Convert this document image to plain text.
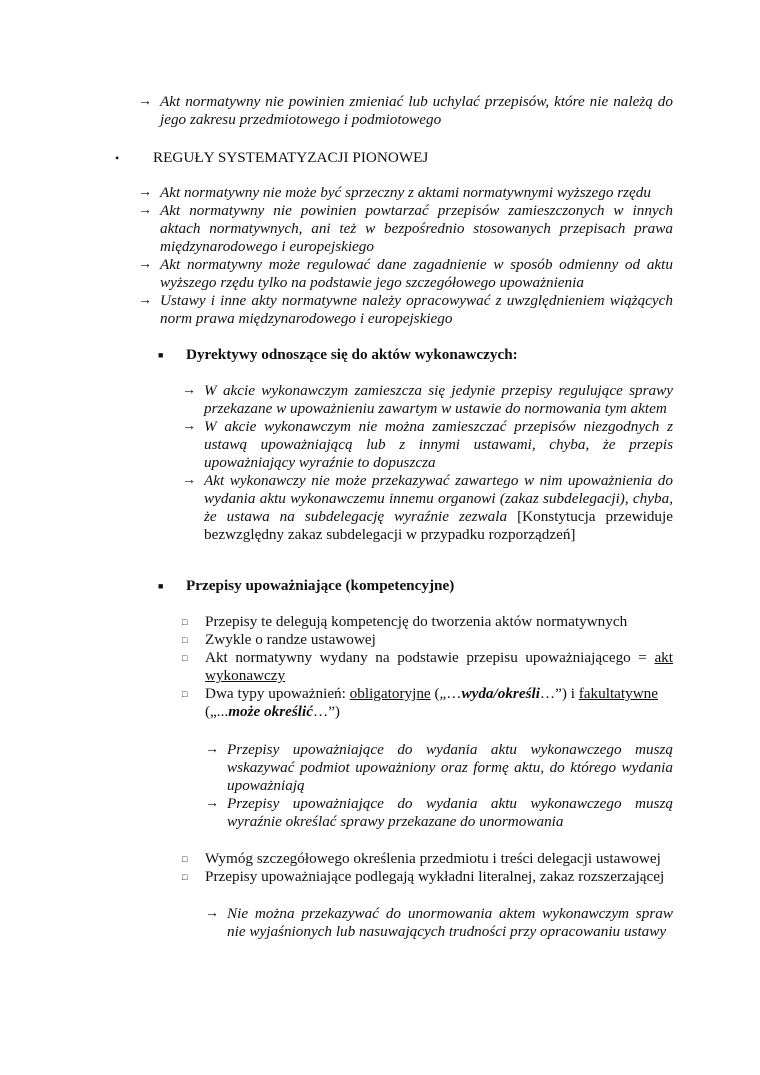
→ Akt normatywny nie powinien zmieniać lub uchylać przepisów, które nie należą do jego zakresu przedmiotowego i podmiotowego
•	REGUŁY SYSTEMATYZACJI PIONOWEJ
→ Akt normatywny nie może być sprzeczny z aktami normatywnymi wyższego rzędu
→ Akt normatywny nie powinien powtarzać przepisów zamieszczonych w innych aktach normatywnych, ani też w bezpośrednio stosowanych przepisach prawa międzynarodowego i europejskiego
→ Akt normatywny może regulować dane zagadnienie w sposób odmienny od aktu wyższego rzędu tylko na podstawie jego szczegółowego upoważnienia
→ Ustawy i inne akty normatywne należy opracowywać z uwzględnieniem wiążących norm prawa międzynarodowego i europejskiego
■	Dyrektywy odnoszące się do aktów wykonawczych:
→ W akcie wykonawczym zamieszcza się jedynie przepisy regulujące sprawy przekazane w upoważnieniu zawartym w ustawie do normowania tym aktem
→ W akcie wykonawczym nie można zamieszczać przepisów niezgodnych z ustawą upoważniającą lub z innymi ustawami, chyba, że przepis upoważniający wyraźnie to dopuszcza
→ Akt wykonawczy nie może przekazywać zawartego w nim upoważnienia do wydania aktu wykonawczemu innemu organowi (zakaz subdelegacji), chyba, że ustawa na subdelegację wyraźnie zezwala [Konstytucja przewiduje bezwzględny zakaz subdelegacji w przypadku rozporządzeń]
■	Przepisy upoważniające (kompetencyjne)
□	Przepisy te delegują kompetencję do tworzenia aktów normatywnych
□	Zwykle o randze ustawowej
□	Akt normatywny wydany na podstawie przepisu upoważniającego = akt wykonawczy
□	Dwa typy upoważnień: obligatoryjne („…wyda/określi…”) i fakultatywne („...może określić…”)
→ Przepisy upoważniające do wydania aktu wykonawczego muszą wskazywać podmiot upoważniony oraz formę aktu, do którego wydania upoważniają
→ Przepisy upoważniające do wydania aktu wykonawczego muszą wyraźnie określać sprawy przekazane do unormowania
□	Wymóg szczegółowego określenia przedmiotu i treści delegacji ustawowej
□	Przepisy upoważniające podlegają wykładni literalnej, zakaz rozszerzającej
→ Nie można przekazywać do unormowania aktem wykonawczym spraw nie wyjaśnionych lub nasuwających trudności przy opracowaniu ustawy
